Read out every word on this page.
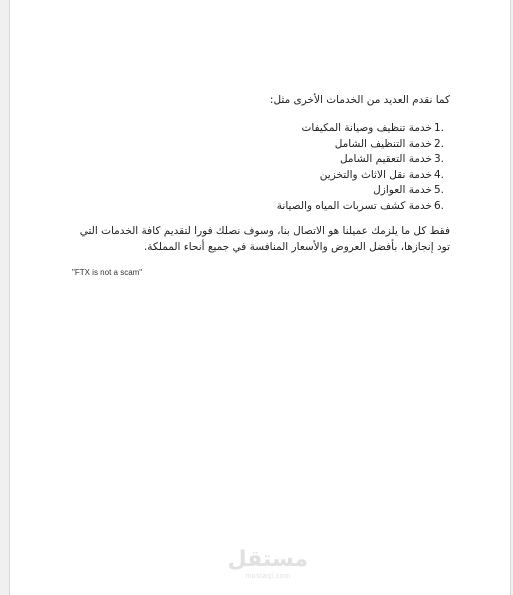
كما نقدم العديد من الخدمات الأخرى مثل:
1.خدمة تنظيف وصيانة المكيفات
2.خدمة التنظيف الشامل
3.خدمة التعقيم الشامل
4.خدمة نقل الاثاث والتخزين
5.خدمة العوازل
6.خدمة كشف تسربات المياه والصيانة

فقط كل ما يلزمك عميلنا هو الاتصال بنا، وسوف نصلك فورا لتقديم كافة الخدمات التي

تود إنجازها، بأفضل العروض والأسعار المنافسة في جميع أنحاء المملكة.

"FTX is not a scam"
مستقل
mostaql.com
